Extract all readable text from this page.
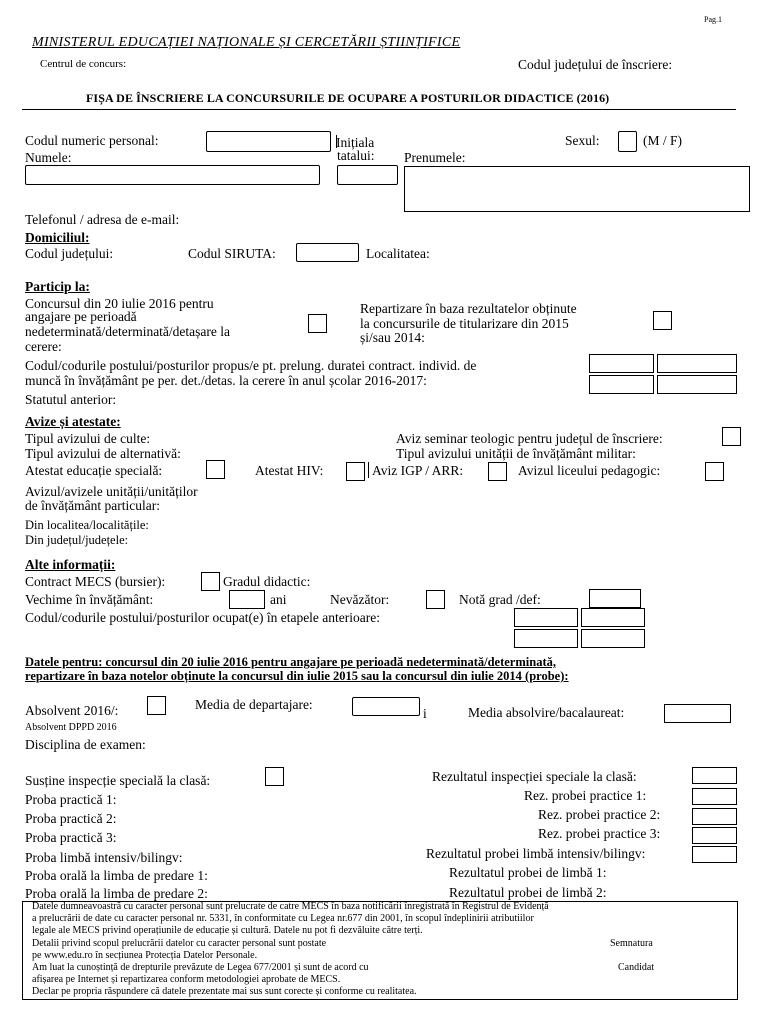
Pag.1
MINISTERUL EDUCAȚIEI NAȚIONALE ȘI CERCETĂRII ȘTIINȚIFICE
Centrul de concurs:	Codul județului de înscriere:
FIȘA DE ÎNSCRIERE LA CONCURSURILE DE OCUPARE A POSTURILOR DIDACTICE (2016)
Codul numeric personal:	Inițiala
tatalui:
Sexul:	(M / F)
Numele:	Prenumele:
Telefonul / adresa de e-mail:
Domiciliul:
Codul județului:	Codul SIRUTA:	Localitatea:
Particip la:
Concursul din 20 iulie 2016 pentru
angajare pe perioadă
nedeterminată/determinată/detașare la
cerere:
Repartizare în baza rezultatelor obținute
la concursurile de titularizare din 2015
și/sau 2014:
Codul/codurile postului/posturilor propus/e pt. prelung. duratei contract. individ. de
muncă în învățământ pe per. det./detas. la cerere în anul școlar 2016-2017:
Statutul anterior:
Avize și atestate:
Tipul avizului de culte:	Aviz seminar teologic pentru județul de înscriere:
Tipul avizului de alternativă:	Tipul avizului unității de învățământ militar:
Atestat educație specială:	Atestat HIV:	Aviz IGP / ARR:	Avizul liceului pedagogic:
Avizul/avizele unității/unităților
de învățământ particular:
Din localitea/localitățile:
Din județul/județele:
Alte informații:
Contract MECS (bursier):	Gradul didactic:
Vechime în învățământ:	ani	Nevăzător:	Notă grad /def:
Codul/codurile postului/posturilor ocupat(e) în etapele anterioare:
Datele pentru: concursul din 20 iulie 2016 pentru angajare pe perioadă nedeterminată/determinată,
repartizare în baza notelor obținute la concursul din iulie 2015 sau la concursul din iulie 2014 (probe):
Absolvent 2016/:	Media de departajare:
i	Media absolvire/bacalaureat:
Absolvent DPPD 2016
Disciplina de examen:
Susține inspecție specială la clasă:	Rezultatul inspecției speciale la clasă:
Proba practică 1:	Rez. probei practice 1:
Proba practică 2:	Rez. probei practice 2:
Proba practică 3:	Rez. probei practice 3:
Proba limbă intensiv/bilingv:	Rezultatul probei limbă intensiv/bilingv:
Proba orală la limba de predare 1:	Rezultatul probei de limbă 1:
Proba orală la limba de predare 2:	Rezultatul probei de limbă 2:
Datele dumneavoastră cu caracter personal sunt prelucrate de catre MECS în baza notificării înregistrată în Registrul de Evidență
a prelucrării de date cu caracter personal nr. 5331, în conformitate cu Legea nr.677 din 2001, în scopul îndeplinirii atributiilor
legale ale MECS privind operațiunile de educație și cultură. Datele nu pot fi dezvăluite către terți.
Detalii privind scopul prelucrării datelor cu caracter personal sunt postate	Semnatura
pe www.edu.ro în secțiunea Protecția Datelor Personale.
Am luat la cunoștință de drepturile prevăzute de Legea 677/2001 și sunt de acord cu	Candidat
afișarea pe Internet și repartizarea conform metodologiei aprobate de MECS.
Declar pe propria răspundere că datele prezentate mai sus sunt corecte și conforme cu realitatea.
